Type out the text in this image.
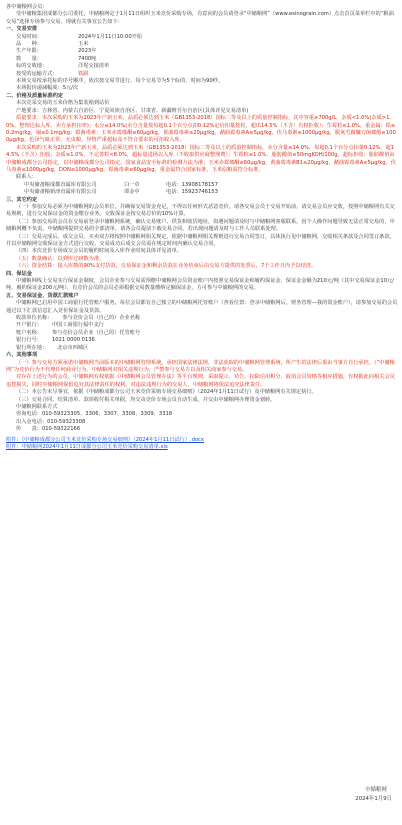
各中储粮网会员：

受中储粮集团成都分公司委托，中储粮网定于1月11日组织玉米竞价采购专场，有意向的会员请登录“中储粮网”（www.esinograin.com）点击首页菜单栏中的“粮油交易”选择专场参与交易。现就有关事宜公告如下：

一、交易安排

交易时间：	2024年1月11日10:00开始
品　　种：	玉米
生产年限：	2023年
数　　量：	7400吨
标的交收地：	洋坭交接清单
按受的运输方式：	铁路

本场交易按承托标的序号顺序，依次按交易节进行。每个交易节为5个标的，时间为90秒。

本场报价递减幅度：5元/次

二、价格及质量标准约定

本次竞采交易的玉米价格为集装箱到站价

产地要求：吉林省、内蒙古自治区、宁夏回族自治区、甘肃省、新疆维吾尔自治区(具体详见交易清单)

质量要求：本次采购的玉米为2023年产新玉米，品质必须达到玉米（GB1353-2018）国标二等及以上的质量控制指标，其中容重≥700g/L，杂质<1.0%(杂质>1.0%，整理达标入库，卖方承担扣率)；水分≤14.0%(水分含量按每超0.1个百分点扣0.12%定价扣量按校，超出14.5%（不含）有权拒收）；生霉粒≤1.0%，重金属：铅≤0.2mg/kg，镉≤0.1mg/kg；霉菌毒素：玉米赤霉烯酮≤60μg/kg，黄曲霉毒素≤20μg/kg，赭曲霉毒素A≤5μg/kg，伏马毒素≤1000μg/kg，脱氧雪腐镰刀菌烯醇≤1000μg/kg，色泽气味正常，无虫粮。异物严重超标及不符合要求的可拒收入库。

本次采购的玉米为2023年产新玉米，品质必须达到玉米（GB1353-2018）国标二等及以上的质量控制指标，水分含量≤14.0%，每超0.1个百分点扣量0.12%，超14.5%（不含）拒收；杂质≤1.0%，不完善粒<8.0%，超标量进场以入库（不收取供应商整理费）；生霉粒≤1.0%，脂肪酸值≤50mgKOH/100g，超标拒收；脂肪酸值由中储粮成都分公司指定，以中储粮成都分公司指定，国家食品安全标准的检测方法为准；玉米赤霉烯酮≤60μg/kg，黄曲霉毒素B1≤20μg/kg，赭曲霉毒素A≤5μg/kg，伏马毒素≤1000μg/kg，DON≤1000μg/kg，霉菌毒素≤60μg/kg，重金属符合国家标准，玉米原粮需符合标准。

联系人：

中央储备粮成都直属库有限公司	白一卓	电话： 13908178157
中央储备粮新津直属库有限公司	谭金中	电话： 15923746153

三、其它约定

（一）参加交易必须为中储粮网的会员单位，并确保交易资金充足，不得以任何形式恶意竞价。请各交易会员于交易开始前，请交易会员应交收，按照中储粮网有关交易规则，进行交易保证金的资金缴存业务。交收保证金按交易总价的10%计算。

（二）参加交易的会员在交易前登录中储粮网系统，确认交易账户、供货和收货地址，如遇问题请及时与中储粮网客服联系。因个人操作问题导致无法正常交易的，中储粮网概不负责。中储粮网提供交易的全部清单，请各会员提前下载交易合同，若出现问题请及时与工作人员联系处理。

（三）交易完成后，成交会员、买卖双方将按照中储粮网相关规定，依据中储粮网相关规则进行交易合同签订，具体执行见中储粮网，交收相关条款及合同签订条款，并以中储粮网交收保证金方式进行交收，交易成功后成交会员需在规定时间内确认交易合同。

（四）本次竞价专场成交会员的履约时间及入库作业时间具体详见清单。

（五）数量确认：以到库过磅数为准。

（六）资金结算：接入库数的90%支付货款，交易保证金和剩余货款在业务结束后由交易方提供的发票后，7个工作日内予以结清。

四、保证金

中储粮网线上交易实行保证金制度，会员企业参与交易需预缴中储粮网会员资金账户内按照交易保证金和履约保证金，保证金金额为210元/吨（其中交易保证金10元/吨，履约保证金200元/吨），有竞价会员的会员必须根据交易数量缴纳足额保证金，方可参与中储粮网的交易。

五、交易保证金、货款汇款账户

中储粮网已启用中国工商银行托管账户服务，每位会员都有自己独立的中储粮网托管账户（查看位置：登录中储粮网后，财务管理—我的资金账户），请参加交易的会员通过以下汇款信息汇入竞价保证金及货款。

收款单位名称：	参与竞价会员（自己的）企业名称
开户银行：	中国工商银行福中支行
账户名称：	参与竞价会员企业（自己的）托管账号
银行行号：	1021 0000 0136
银行所在地：	北京市西城区

六、其他事项

（一）参与交易方须承诺中储粮网当前版本的中储粮网管理系统，承担国家法律法规，非法获取的中储粮网管理系统，所产生的法律后果由当事方自行承担。（“中储粮网”为竞价行为不代理任何商业行为。中储粮网对相关违规行为，严禁参与交易方以及相关商家参与交易。

对存在上述行为的会员、中储粮网有权依据《中储粮网会员管理办法》等平台规则，采取提示、劝告、扣除信用积分、取消会员资格等相应措施，有权据此向相关会员追偿损失，同时中储粮网保留追究其法律责任的权利。对违法违规行为的交易人，中储粮网将依法追究法律责任。

（二）本公告未尽事宜，依据《中储粮成都分公司玉米竞价采购专场交易细则》（2024年1月11日试行）及中储粮网有关规定执行。

（三）交易合同、结算清单、款项收付相关单据，均交由竞价专场会员自动生成，并交由中储粮网办理资金划转。

中储粮网联系方式

咨询电话：010-59323305、3306、3307、3308、3309、3318

出入金电话：010-59323308

传　　真：010-59322166

附件：《中储粮成都分公司玉米竞价采购专场交易细则》（2024年1月11日试行）.docx

附件：中储粮网2024年1月11日成都分公司玉米竞价采购交易清单.xls

中储粮网
2024年1月9日
